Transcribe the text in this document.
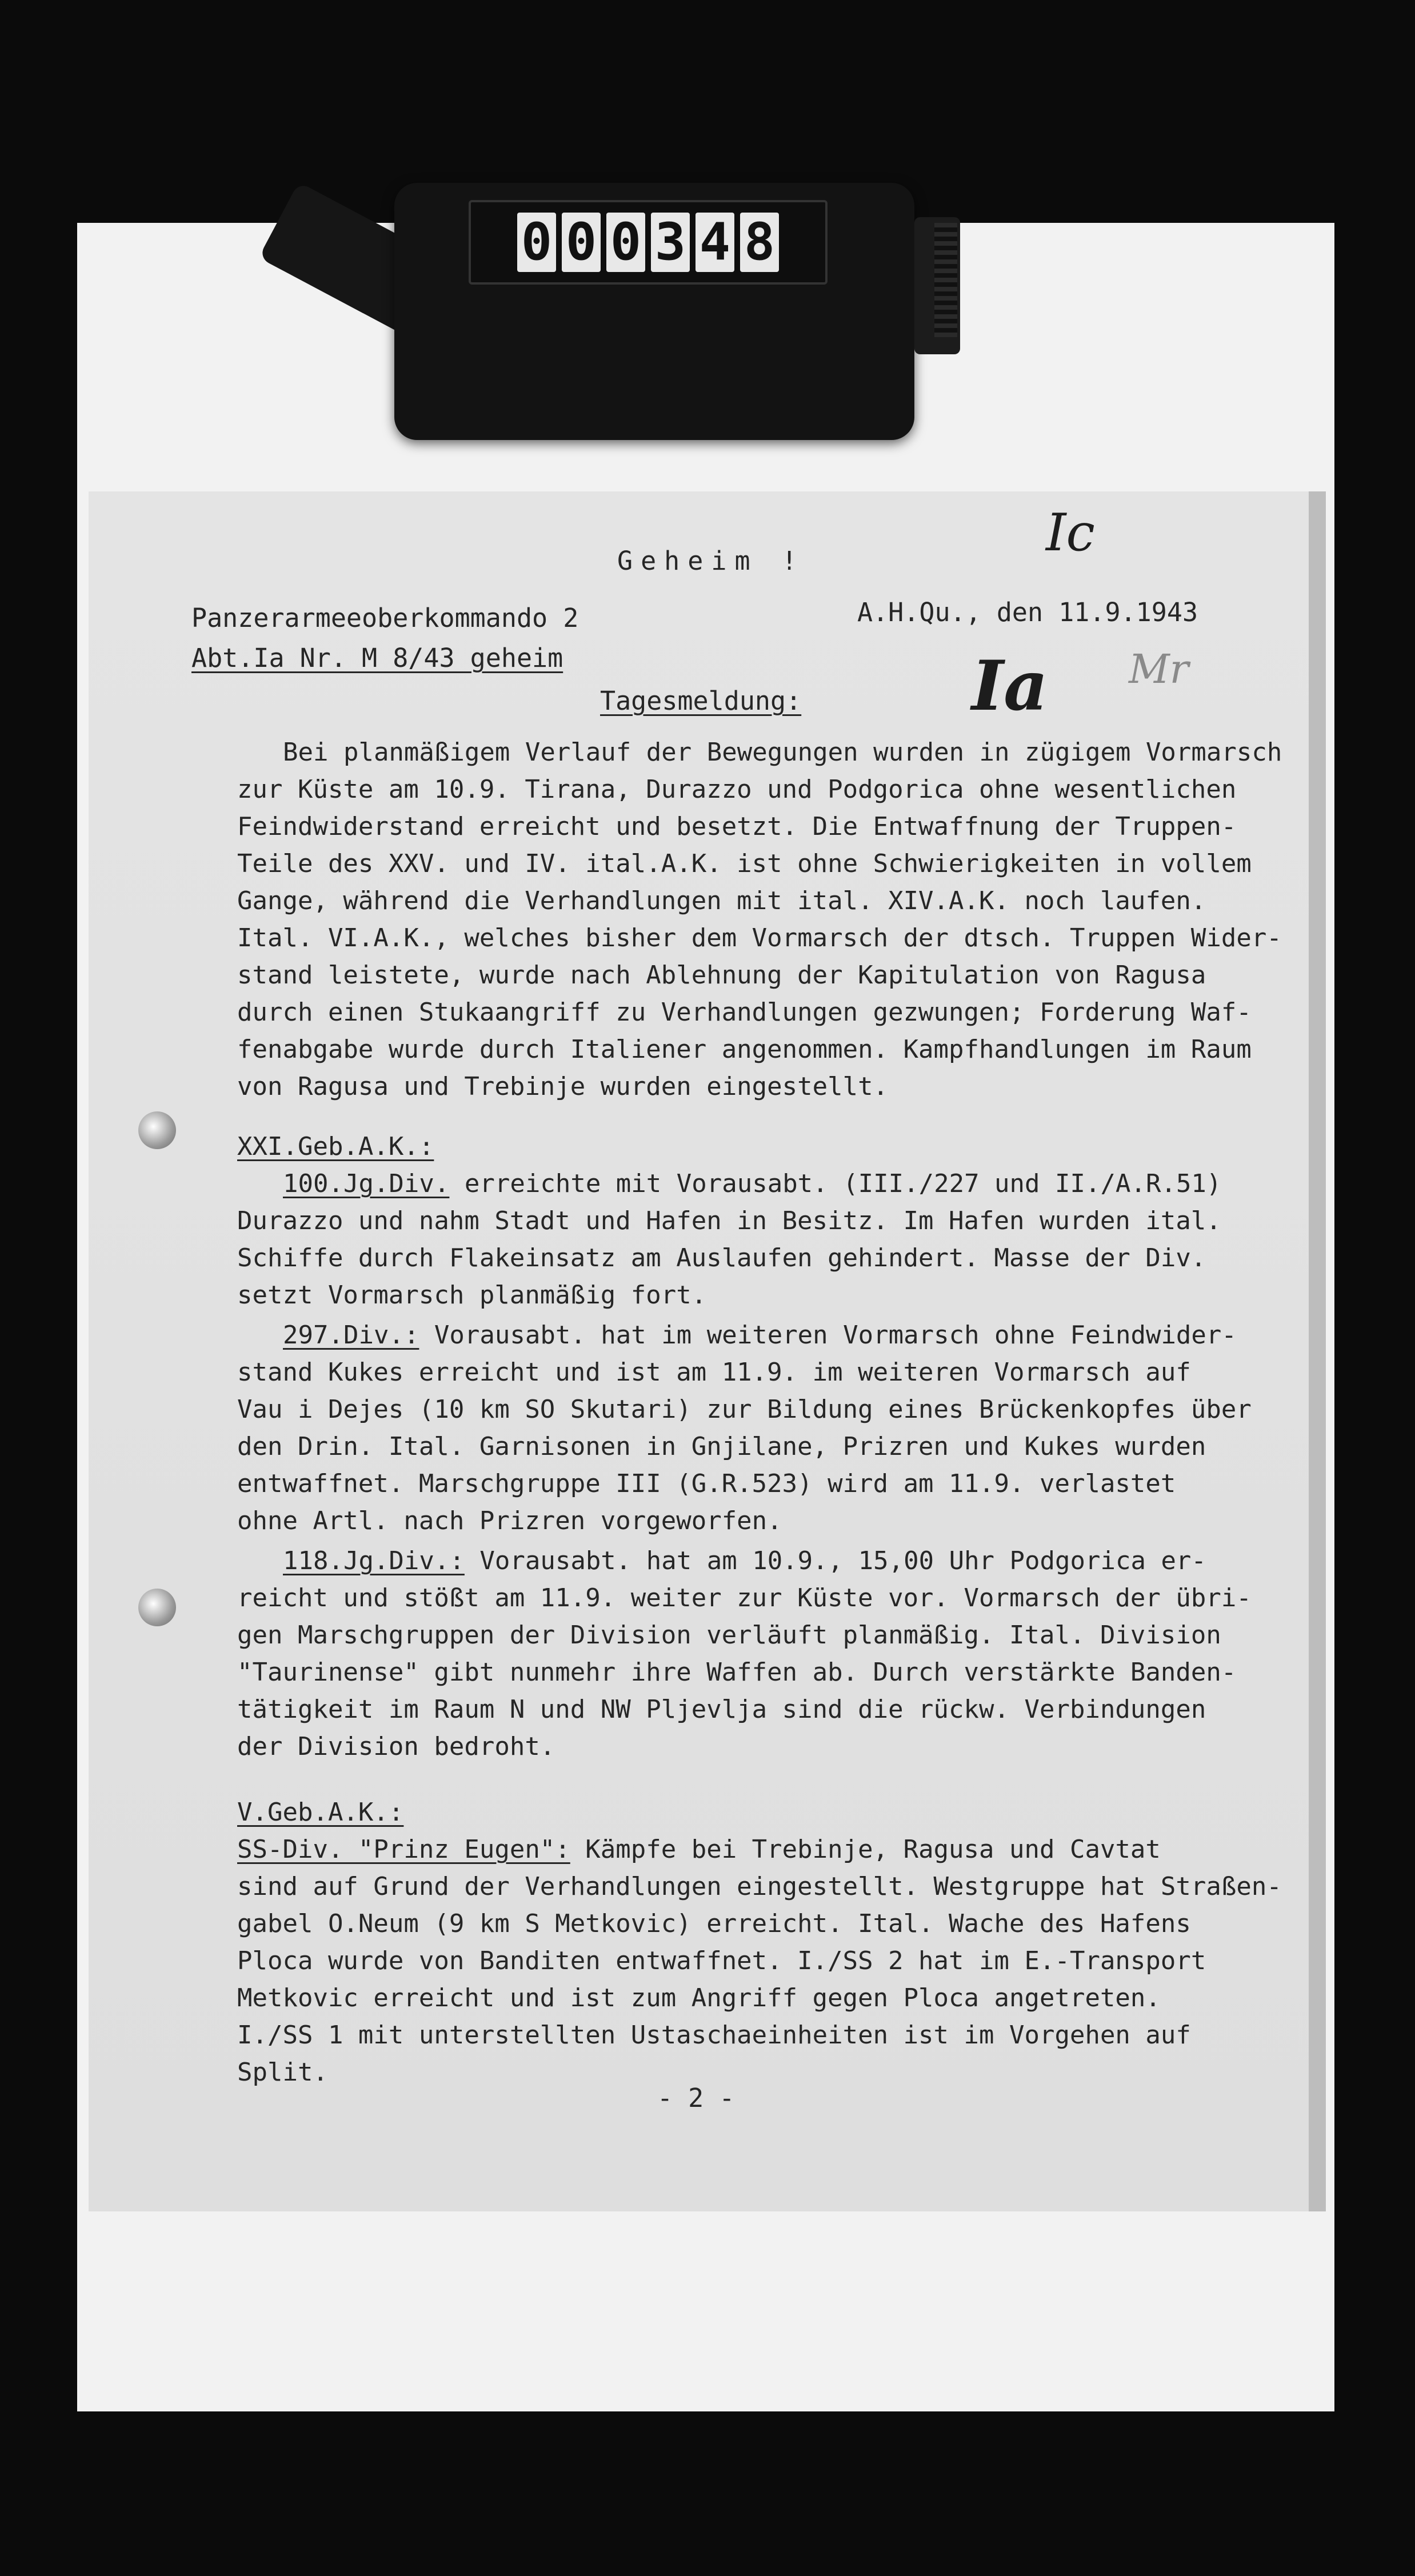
0 0 0 3 4 8
Geheim !	Ic
Panzerarmeeoberkommando 2
Abt.Ia Nr. M 8/43 geheim
A.H.Qu., den 11.9.1943
Ia Mr
Tagesmeldung:
Bei planmäßigem Verlauf der Bewegungen wurden in zügigem Vormarsch
zur Küste am 10.9. Tirana, Durazzo und Podgorica ohne wesentlichen
Feindwiderstand erreicht und besetzt. Die Entwaffnung der Truppen-
Teile des XXV. und IV. ital.A.K. ist ohne Schwierigkeiten in vollem
Gange, während die Verhandlungen mit ital. XIV.A.K. noch laufen.
Ital. VI.A.K., welches bisher dem Vormarsch der dtsch. Truppen Wider-
stand leistete, wurde nach Ablehnung der Kapitulation von Ragusa
durch einen Stukaangriff zu Verhandlungen gezwungen; Forderung Waf-
fenabgabe wurde durch Italiener angenommen. Kampfhandlungen im Raum
von Ragusa und Trebinje wurden eingestellt.
XXI.Geb.A.K.:
100.Jg.Div. erreichte mit Vorausabt. (III./227 und II./A.R.51)
Durazzo und nahm Stadt und Hafen in Besitz. Im Hafen wurden ital.
Schiffe durch Flakeinsatz am Auslaufen gehindert. Masse der Div.
setzt Vormarsch planmäßig fort.
297.Div.: Vorausabt. hat im weiteren Vormarsch ohne Feindwider-
stand Kukes erreicht und ist am 11.9. im weiteren Vormarsch auf
Vau i Dejes (10 km SO Skutari) zur Bildung eines Brückenkopfes über
den Drin. Ital. Garnisonen in Gnjilane, Prizren und Kukes wurden
entwaffnet. Marschgruppe III (G.R.523) wird am 11.9. verlastet
ohne Artl. nach Prizren vorgeworfen.
118.Jg.Div.: Vorausabt. hat am 10.9., 15,00 Uhr Podgorica er-
reicht und stößt am 11.9. weiter zur Küste vor. Vormarsch der übri-
gen Marschgruppen der Division verläuft planmäßig. Ital. Division
"Taurinense" gibt nunmehr ihre Waffen ab. Durch verstärkte Banden-
tätigkeit im Raum N und NW Pljevlja sind die rückw. Verbindungen
der Division bedroht.
V.Geb.A.K.:
SS-Div. "Prinz Eugen": Kämpfe bei Trebinje, Ragusa und Cavtat
sind auf Grund der Verhandlungen eingestellt. Westgruppe hat Straßen-
gabel O.Neum (9 km S Metkovic) erreicht. Ital. Wache des Hafens
Ploca wurde von Banditen entwaffnet. I./SS 2 hat im E.-Transport
Metkovic erreicht und ist zum Angriff gegen Ploca angetreten.
I./SS 1 mit unterstellten Ustaschaeinheiten ist im Vorgehen auf
Split.
- 2 -
